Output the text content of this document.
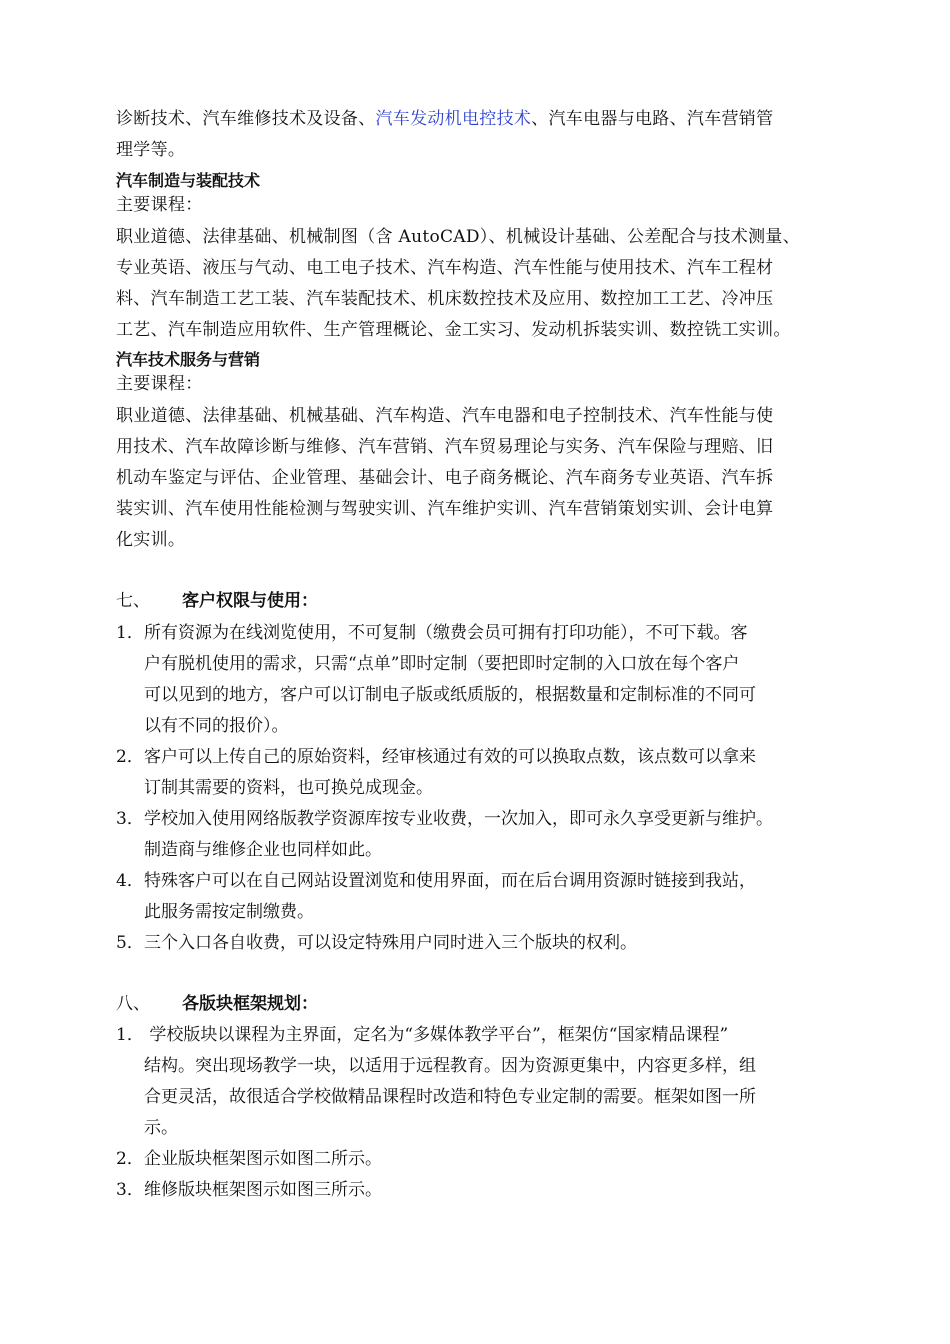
诊断技术、汽车维修技术及设备、汽车发动机电控技术、汽车电器与电路、汽车营销管
理学等。
汽车制造与装配技术
主要课程：
职业道德、法律基础、机械制图（含 AutoCAD）、机械设计基础、公差配合与技术测量、
专业英语、液压与气动、电工电子技术、汽车构造、汽车性能与使用技术、汽车工程材
料、汽车制造工艺工装、汽车装配技术、机床数控技术及应用、数控加工工艺、冷冲压
工艺、汽车制造应用软件、生产管理概论、金工实习、发动机拆装实训、数控铣工实训。
汽车技术服务与营销
主要课程：
职业道德、法律基础、机械基础、汽车构造、汽车电器和电子控制技术、汽车性能与使
用技术、汽车故障诊断与维修、汽车营销、汽车贸易理论与实务、汽车保险与理赔、旧
机动车鉴定与评估、企业管理、基础会计、电子商务概论、汽车商务专业英语、汽车拆
装实训、汽车使用性能检测与驾驶实训、汽车维护实训、汽车营销策划实训、会计电算
化实训。
七、 客户权限与使用：
1．所有资源为在线浏览使用，不可复制（缴费会员可拥有打印功能），不可下载。客
户有脱机使用的需求，只需“点单”即时定制（要把即时定制的入口放在每个客户
可以见到的地方，客户可以订制电子版或纸质版的，根据数量和定制标准的不同可
以有不同的报价）。
2．客户可以上传自己的原始资料，经审核通过有效的可以换取点数，该点数可以拿来
订制其需要的资料，也可换兑成现金。
3．学校加入使用网络版教学资源库按专业收费，一次加入，即可永久享受更新与维护。
制造商与维修企业也同样如此。
4．特殊客户可以在自己网站设置浏览和使用界面，而在后台调用资源时链接到我站，
此服务需按定制缴费。
5．三个入口各自收费，可以设定特殊用户同时进入三个版块的权利。
八、 各版块框架规划：
1． 学校版块以课程为主界面，定名为“多媒体教学平台”，框架仿“国家精品课程”
结构。突出现场教学一块，以适用于远程教育。因为资源更集中，内容更多样，组
合更灵活，故很适合学校做精品课程时改造和特色专业定制的需要。框架如图一所
示。
2．企业版块框架图示如图二所示。
3．维修版块框架图示如图三所示。
